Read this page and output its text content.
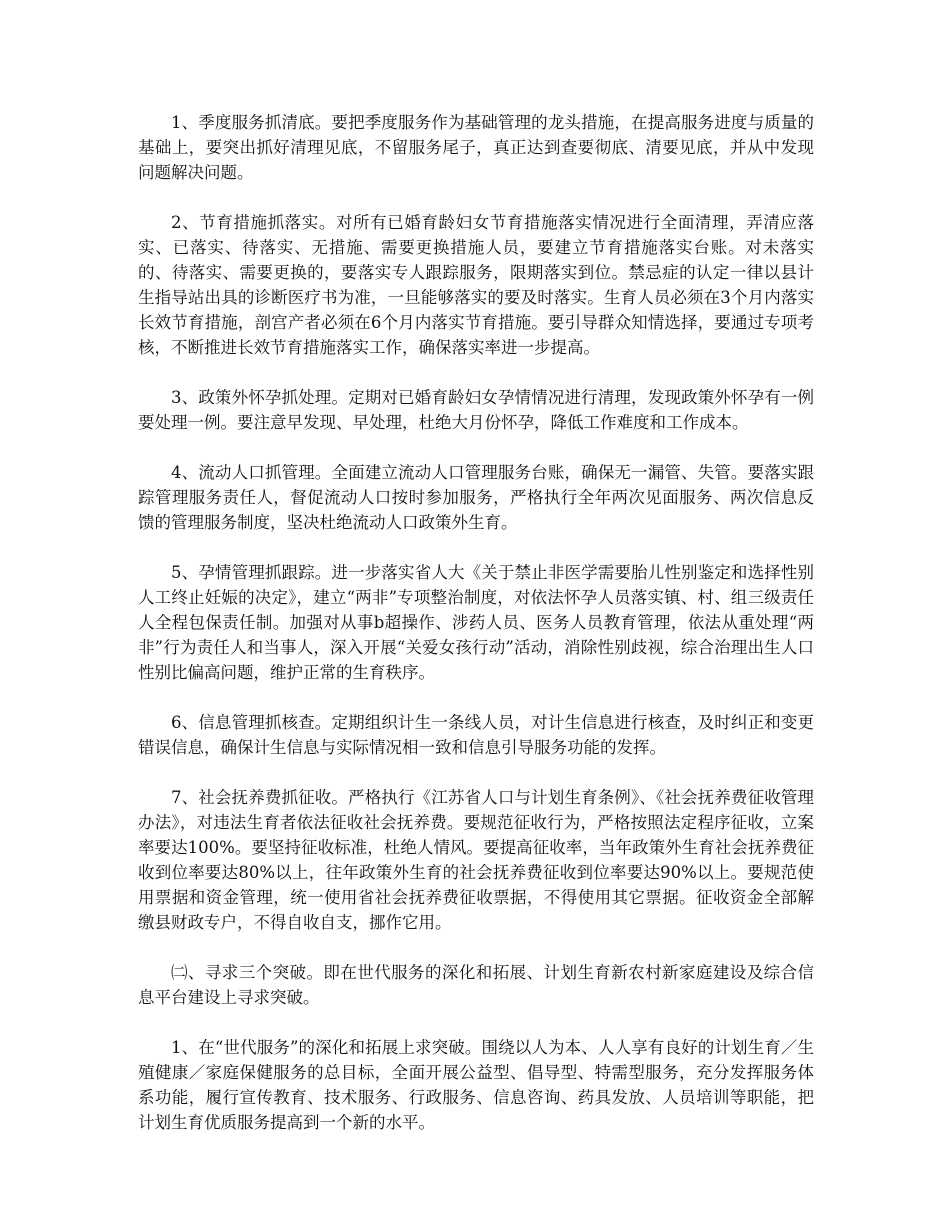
1、季度服务抓清底。要把季度服务作为基础管理的龙头措施，在提高服务进度与质量的基础上，要突出抓好清理见底，不留服务尾子，真正达到查要彻底、清要见底，并从中发现问题解决问题。

2、节育措施抓落实。对所有已婚育龄妇女节育措施落实情况进行全面清理，弄清应落实、已落实、待落实、无措施、需要更换措施人员，要建立节育措施落实台账。对未落实的、待落实、需要更换的，要落实专人跟踪服务，限期落实到位。禁忌症的认定一律以县计生指导站出具的诊断医疗书为准，一旦能够落实的要及时落实。生育人员必须在3个月内落实长效节育措施，剖宫产者必须在6个月内落实节育措施。要引导群众知情选择，要通过专项考核，不断推进长效节育措施落实工作，确保落实率进一步提高。

3、政策外怀孕抓处理。定期对已婚育龄妇女孕情情况进行清理，发现政策外怀孕有一例要处理一例。要注意早发现、早处理，杜绝大月份怀孕，降低工作难度和工作成本。

4、流动人口抓管理。全面建立流动人口管理服务台账，确保无一漏管、失管。要落实跟踪管理服务责任人，督促流动人口按时参加服务，严格执行全年两次见面服务、两次信息反馈的管理服务制度，坚决杜绝流动人口政策外生育。

5、孕情管理抓跟踪。进一步落实省人大《关于禁止非医学需要胎儿性别鉴定和选择性别人工终止妊娠的决定》，建立“两非”专项整治制度，对依法怀孕人员落实镇、村、组三级责任人全程包保责任制。加强对从事b超操作、涉药人员、医务人员教育管理，依法从重处理“两非”行为责任人和当事人，深入开展“关爱女孩行动”活动，消除性别歧视，综合治理出生人口性别比偏高问题，维护正常的生育秩序。

6、信息管理抓核查。定期组织计生一条线人员，对计生信息进行核查，及时纠正和变更错误信息，确保计生信息与实际情况相一致和信息引导服务功能的发挥。

7、社会抚养费抓征收。严格执行《江苏省人口与计划生育条例》、《社会抚养费征收管理办法》，对违法生育者依法征收社会抚养费。要规范征收行为，严格按照法定程序征收，立案率要达100%。要坚持征收标准，杜绝人情风。要提高征收率，当年政策外生育社会抚养费征收到位率要达80%以上，往年政策外生育的社会抚养费征收到位率要达90%以上。要规范使用票据和资金管理，统一使用省社会抚养费征收票据，不得使用其它票据。征收资金全部解缴县财政专户，不得自收自支，挪作它用。

㈡、寻求三个突破。即在世代服务的深化和拓展、计划生育新农村新家庭建设及综合信息平台建设上寻求突破。

1、在“世代服务”的深化和拓展上求突破。围绕以人为本、人人享有良好的计划生育／生殖健康／家庭保健服务的总目标，全面开展公益型、倡导型、特需型服务，充分发挥服务体系功能，履行宣传教育、技术服务、行政服务、信息咨询、药具发放、人员培训等职能，把计划生育优质服务提高到一个新的水平。
